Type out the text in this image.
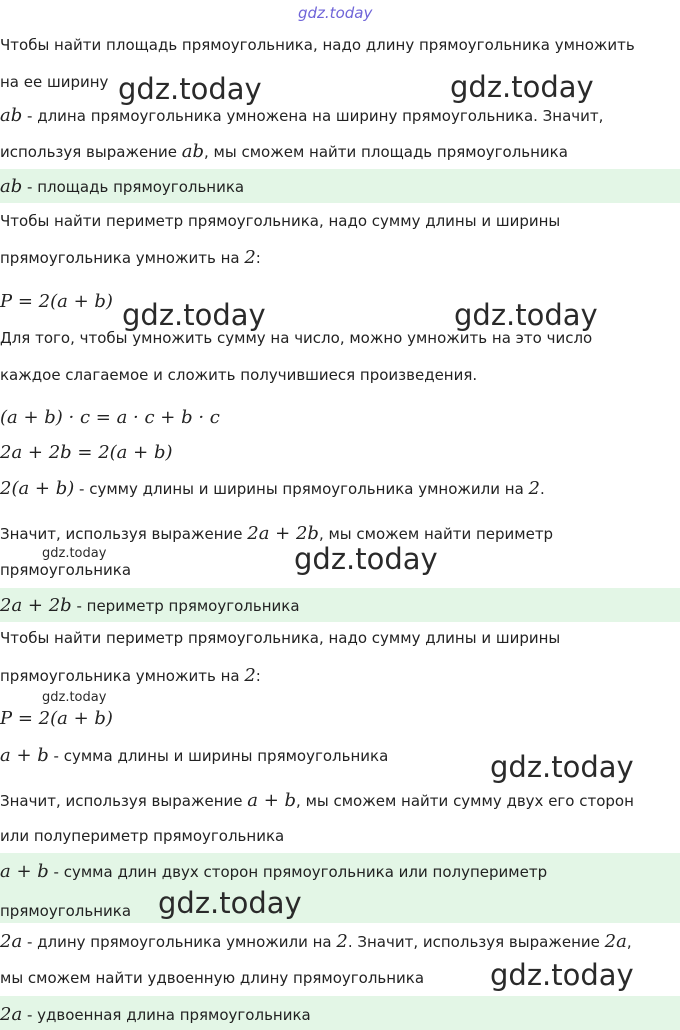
gdz.today
Чтобы найти площадь прямоугольника, надо длину прямоугольника умножить
на ее ширину
ab - длина прямоугольника умножена на ширину прямоугольника. Значит,
используя выражение ab, мы сможем найти площадь прямоугольника
ab - площадь прямоугольника
Чтобы найти периметр прямоугольника, надо сумму длины и ширины
прямоугольника умножить на 2:
P = 2(a + b)
Для того, чтобы умножить сумму на число, можно умножить на это число
каждое слагаемое и сложить получившиеся произведения.
(a + b) · c = a · c + b · c
2a + 2b = 2(a + b)
2(a + b) - сумму длины и ширины прямоугольника умножили на 2.
Значит, используя выражение 2a + 2b, мы сможем найти периметр
прямоугольника
2a + 2b - периметр прямоугольника
Чтобы найти периметр прямоугольника, надо сумму длины и ширины
прямоугольника умножить на 2:
P = 2(a + b)
a + b - сумма длины и ширины прямоугольника
Значит, используя выражение a + b, мы сможем найти сумму двух его сторон
или полупериметр прямоугольника
a + b - сумма длин двух сторон прямоугольника или полупериметр
прямоугольника
2a - длину прямоугольника умножили на 2. Значит, используя выражение 2a,
мы сможем найти удвоенную длину прямоугольника
2a - удвоенная длина прямоугольника
gdz.today	gdz.today
gdz.today	gdz.today
gdz.today	gdz.today
gdz.today
gdz.today
gdz.today
gdz.today
